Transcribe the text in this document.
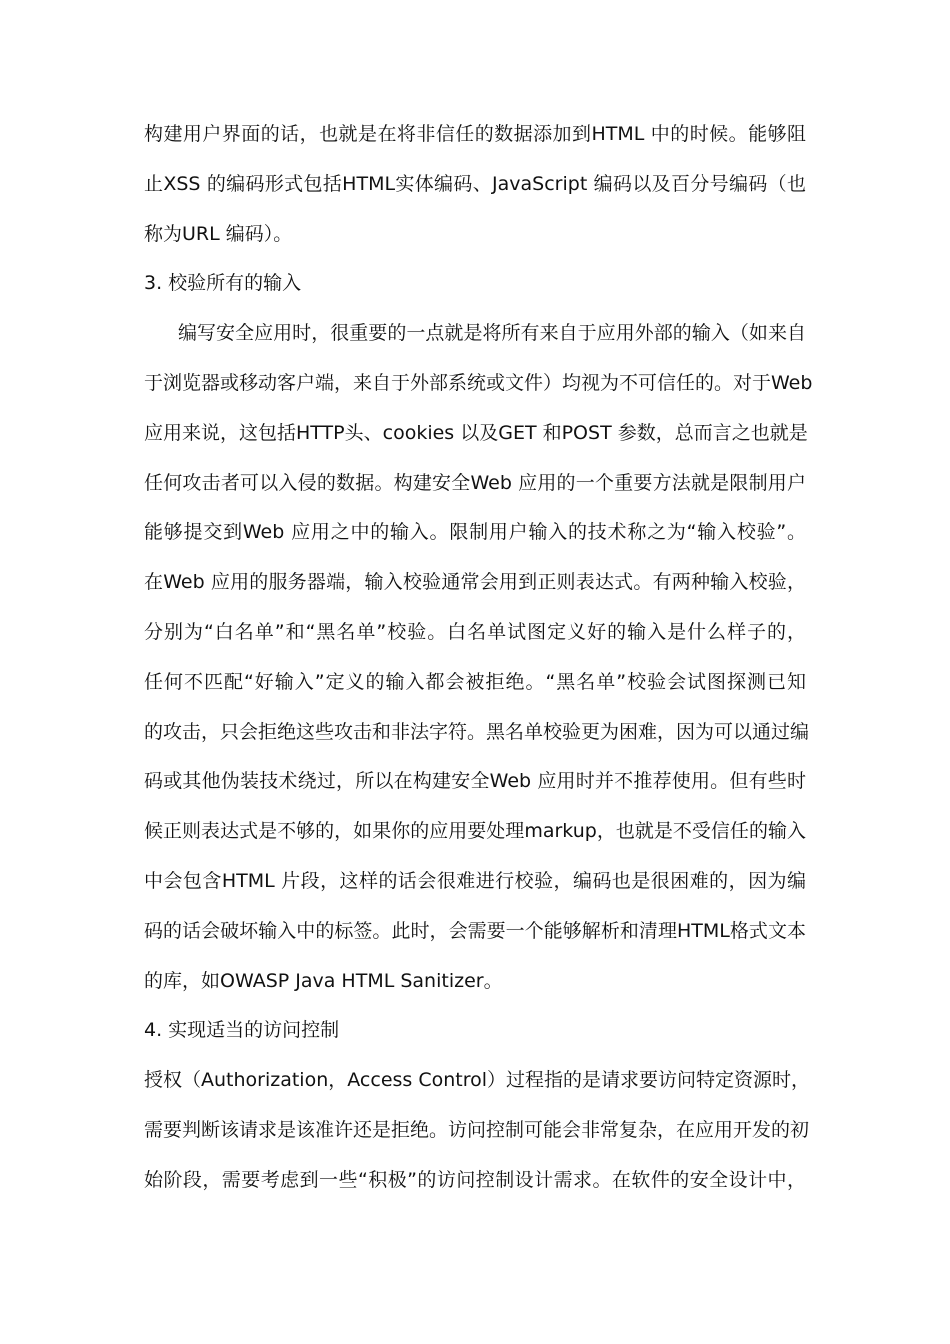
构建用户界面的话，也就是在将非信任的数据添加到HTML 中的时候。能够阻
止XSS 的编码形式包括HTML实体编码、JavaScript 编码以及百分号编码（也
称为URL 编码）。
3. 校验所有的输入
编写安全应用时，很重要的一点就是将所有来自于应用外部的输入（如来自
于浏览器或移动客户端，来自于外部系统或文件）均视为不可信任的。对于Web
应用来说，这包括HTTP头、cookies 以及GET 和POST 参数，总而言之也就是
任何攻击者可以入侵的数据。构建安全Web 应用的一个重要方法就是限制用户
能够提交到Web 应用之中的输入。限制用户输入的技术称之为“输入校验”。
在Web 应用的服务器端，输入校验通常会用到正则表达式。有两种输入校验，
分别为“白名单”和“黑名单”校验。白名单试图定义好的输入是什么样子的，
任何不匹配“好输入”定义的输入都会被拒绝。“黑名单”校验会试图探测已知
的攻击，只会拒绝这些攻击和非法字符。黑名单校验更为困难，因为可以通过编
码或其他伪装技术绕过，所以在构建安全Web 应用时并不推荐使用。但有些时
候正则表达式是不够的，如果你的应用要处理markup，也就是不受信任的输入
中会包含HTML 片段，这样的话会很难进行校验，编码也是很困难的，因为编
码的话会破坏输入中的标签。此时，会需要一个能够解析和清理HTML格式文本
的库，如OWASP Java HTML Sanitizer。
4. 实现适当的访问控制
授权（Authorization，Access Control）过程指的是请求要访问特定资源时，
需要判断该请求是该准许还是拒绝。访问控制可能会非常复杂，在应用开发的初
始阶段，需要考虑到一些“积极”的访问控制设计需求。在软件的安全设计中，
